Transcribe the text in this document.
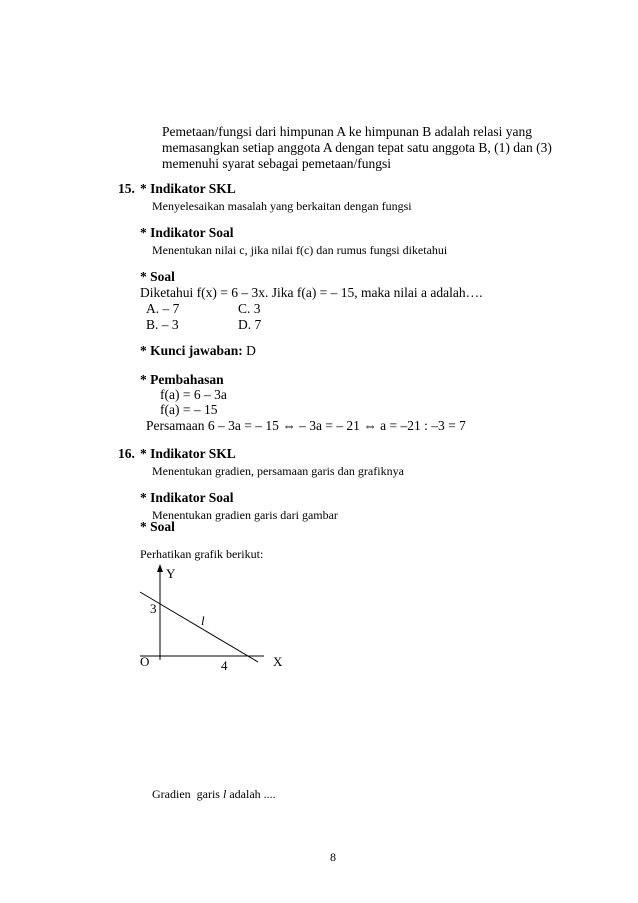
Pemetaan/fungsi dari himpunan A ke himpunan B adalah relasi yang
memasangkan setiap anggota A dengan tepat satu anggota B, (1) dan (3)
memenuhi syarat sebagai pemetaan/fungsi
15. * Indikator SKL
Menyelesaikan masalah yang berkaitan dengan fungsi
* Indikator Soal
Menentukan nilai c, jika nilai f(c) dan rumus fungsi diketahui
* Soal
Diketahui f(x) = 6 – 3x. Jika f(a) = – 15, maka nilai a adalah….
A. – 7	C. 3
B. – 3	D. 7
* Kunci jawaban: D
* Pembahasan
f(a) = 6 – 3a
f(a) = – 15
Persamaan 6 – 3a = – 15 ⇔ – 3a = – 21 ⇔ a = –21 : –3 = 7
16. * Indikator SKL
Menentukan gradien, persamaan garis dan grafiknya
* Indikator Soal
Menentukan gradien garis dari gambar
* Soal
Perhatikan grafik berikut:
Y
3
l
O	4	X
Gradien  garis l adalah ....
8
